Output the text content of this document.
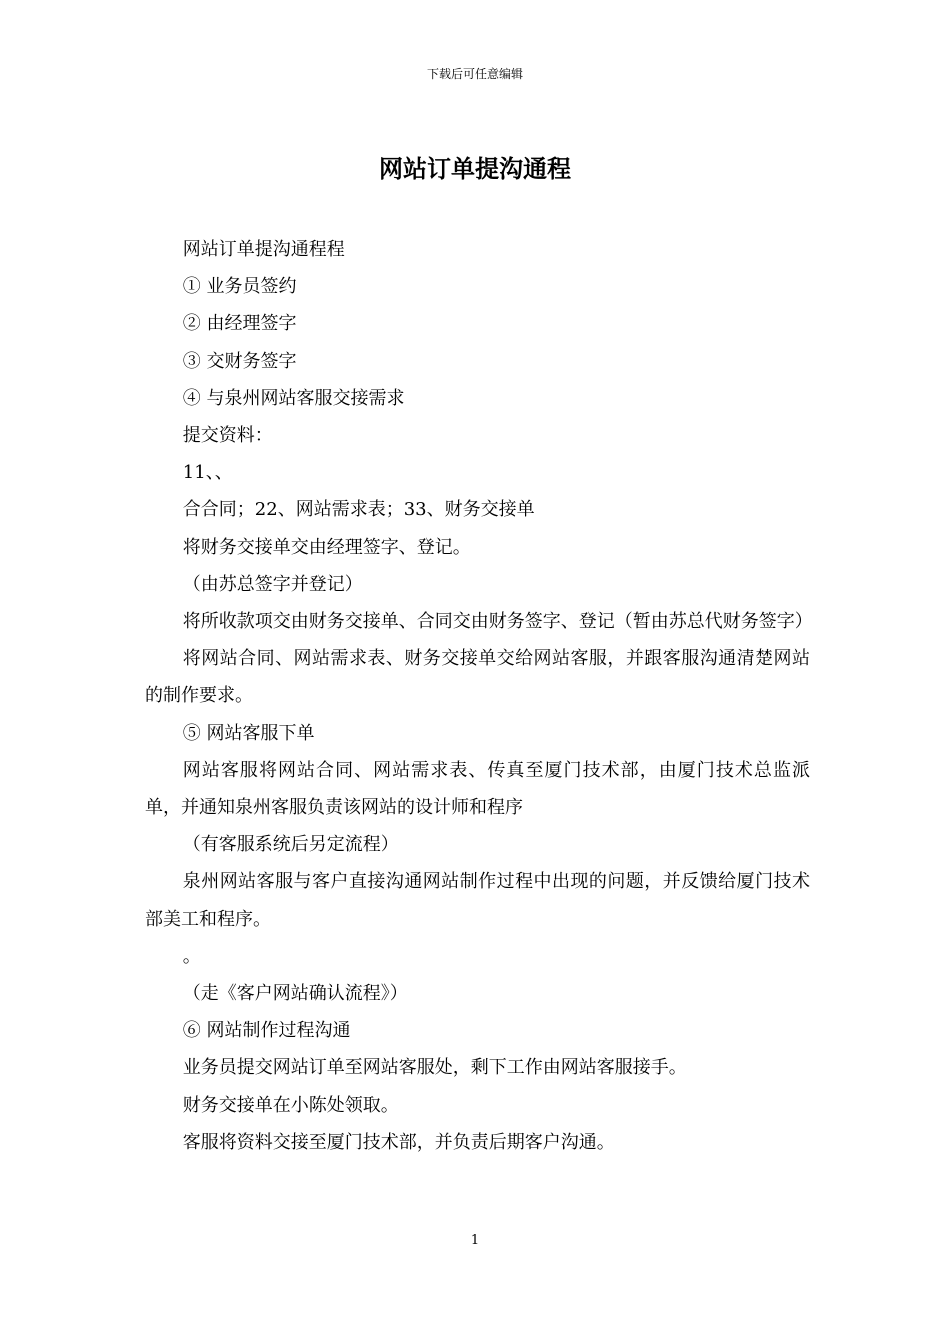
下载后可任意编辑
网站订单提沟通程

网站订单提沟通程程

① 业务员签约

② 由经理签字

③ 交财务签字

④ 与泉州网站客服交接需求

提交资料：

11、、

合合同；22、网站需求表；33、财务交接单

将财务交接单交由经理签字、登记。

（由苏总签字并登记）

将所收款项交由财务交接单、合同交由财务签字、登记（暂由苏总代财务签字）

将网站合同、网站需求表、财务交接单交给网站客服，并跟客服沟通清楚网站的制作要求。

⑤ 网站客服下单

网站客服将网站合同、网站需求表、传真至厦门技术部，由厦门技术总监派单，并通知泉州客服负责该网站的设计师和程序

（有客服系统后另定流程）

泉州网站客服与客户直接沟通网站制作过程中出现的问题，并反馈给厦门技术部美工和程序。

。

（走《客户网站确认流程》）

⑥ 网站制作过程沟通

业务员提交网站订单至网站客服处，剩下工作由网站客服接手。

财务交接单在小陈处领取。

客服将资料交接至厦门技术部，并负责后期客户沟通。

1
